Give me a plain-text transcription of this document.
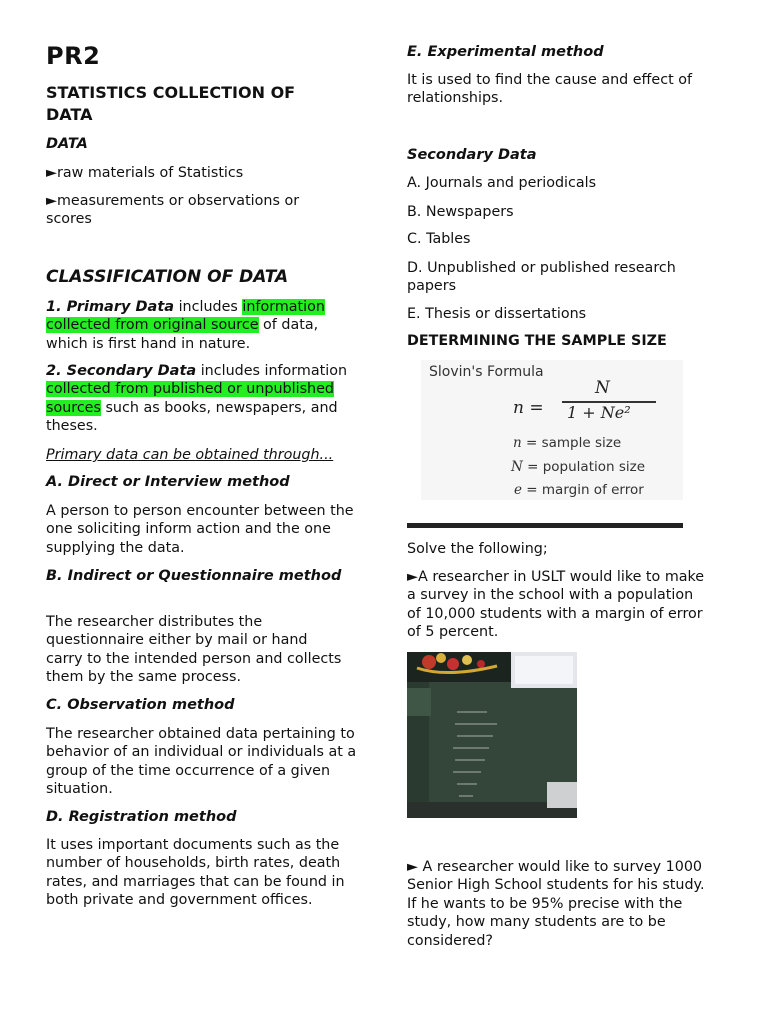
PR2
STATISTICS COLLECTION OF DATA

DATA

►raw materials of Statistics

►measurements or observations or scores

CLASSIFICATION OF DATA

1. Primary Data includes information collected from original source of data, which is first hand in nature.

2. Secondary Data includes information collected from published or unpublished sources such as books, newspapers, and theses.

Primary data can be obtained through...

A. Direct or Interview method

A person to person encounter between the one soliciting inform action and the one supplying the data.

B. Indirect or Questionnaire method

The researcher distributes the questionnaire either by mail or hand carry to the intended person and collects them by the same process.

C. Observation method

The researcher obtained data pertaining to behavior of an individual or individuals at a group of the time occurrence of a given situation.

D. Registration method

It uses important documents such as the number of households, birth rates, death rates, and marriages that can be found in both private and government offices.

E. Experimental method

It is used to find the cause and effect of relationships.

Secondary Data

A. Journals and periodicals

B. Newspapers

C. Tables

D. Unpublished or published research papers

E. Thesis or dissertations

DETERMINING THE SAMPLE SIZE

Slovin's Formula
n =
N
1 + Ne²
n = sample size
N = population size
e = margin of error

Solve the following;

►A researcher in USLT would like to make a survey in the school with a population of 10,000 students with a margin of error of 5 percent.

► A researcher would like to survey 1000 Senior High School students for his study. If he wants to be 95% precise with the study, how many students are to be considered?
